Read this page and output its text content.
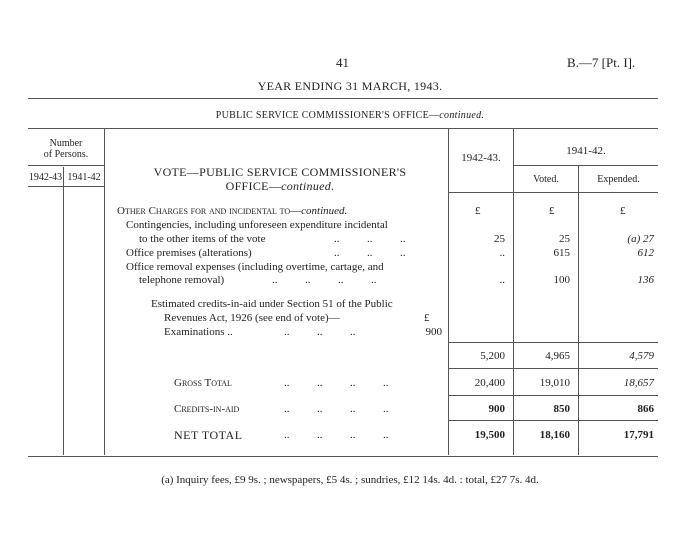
41	B.—7 [Pt. I].
YEAR ENDING 31 MARCH, 1943.
PUBLIC SERVICE COMMISSIONER'S OFFICE—continued.
Number
of Persons.
1942-43 1941-42
1942-43.
1941-42.
Voted.	Expended.
VOTE—PUBLIC SERVICE COMMISSIONER'S
OFFICE—continued.
Other Charges for and incidental to—continued.	£	£	£
Contingencies, including unforeseen expenditure incidental
to the other items of the vote	..          ..          ..	25	25	(a) 27
Office premises (alterations)	..          ..          ..	..	615	612
Office removal expenses (including overtime, cartage, and
telephone removal)	..          ..          ..          ..	..	100	136
Estimated credits-in-aid under Section 51 of the Public
Revenues Act, 1926 (see end of vote)—	£
Examinations ..	..          ..          ..	900
5,200	4,965	4,579
Gross Total	..          ..          ..          ..	20,400	19,010	18,657
Credits-in-aid	..          ..          ..          ..	900	850	866
NET TOTAL	..          ..          ..          ..	19,500	18,160	17,791
(a) Inquiry fees, £9 9s. ; newspapers, £5 4s. ; sundries, £12 14s. 4d. : total, £27 7s. 4d.
